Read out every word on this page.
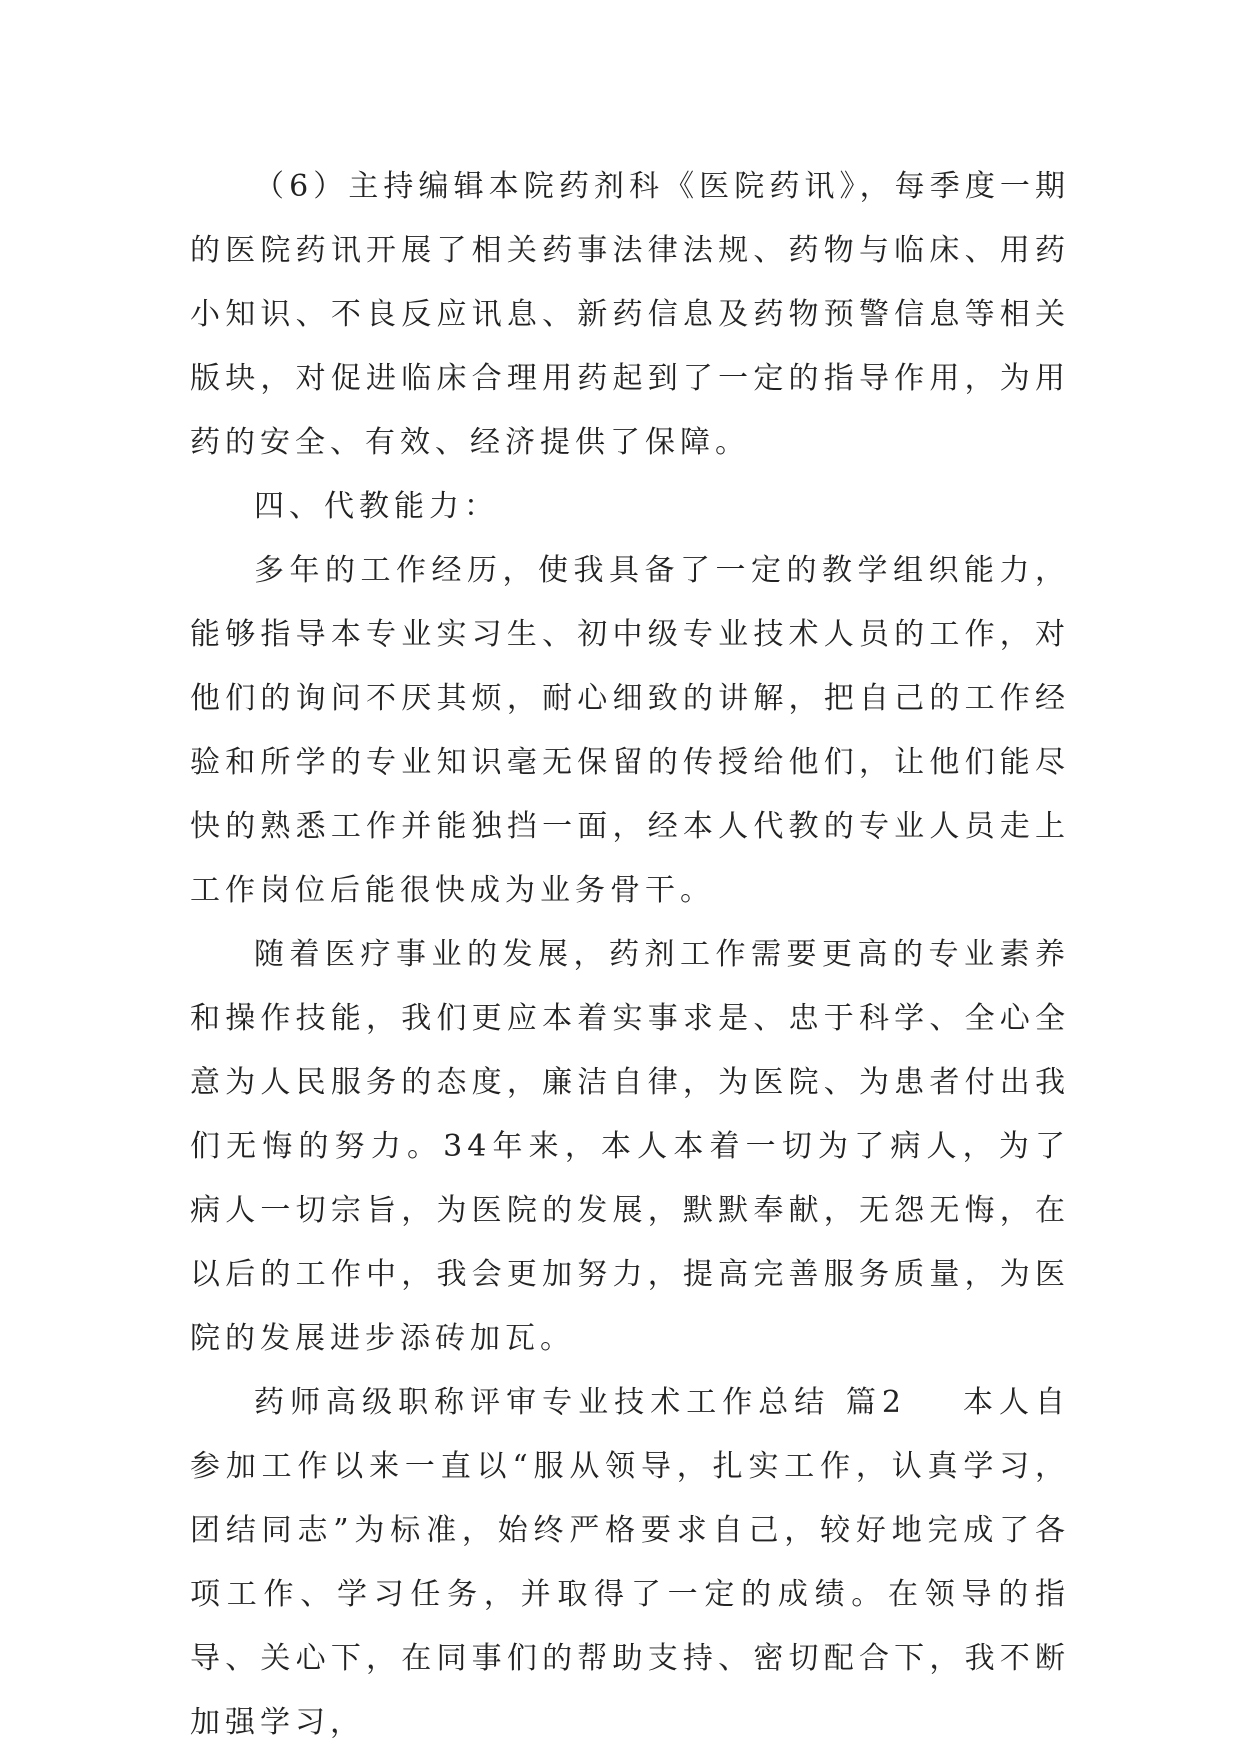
（6）主持编辑本院药剂科《医院药讯》，每季度一期的医院药讯开展了相关药事法律法规、药物与临床、用药小知识、不良反应讯息、新药信息及药物预警信息等相关版块，对促进临床合理用药起到了一定的指导作用，为用药的安全、有效、经济提供了保障。

四、代教能力：

多年的工作经历，使我具备了一定的教学组织能力，能够指导本专业实习生、初中级专业技术人员的工作，对他们的询问不厌其烦，耐心细致的讲解，把自己的工作经验和所学的专业知识毫无保留的传授给他们，让他们能尽快的熟悉工作并能独挡一面，经本人代教的专业人员走上工作岗位后能很快成为业务骨干。

随着医疗事业的发展，药剂工作需要更高的专业素养和操作技能，我们更应本着实事求是、忠于科学、全心全意为人民服务的态度，廉洁自律，为医院、为患者付出我们无悔的努力。34年来，本人本着一切为了病人，为了病人一切宗旨，为医院的发展，默默奉献，无怨无悔，在以后的工作中，我会更加努力，提高完善服务质量，为医院的发展进步添砖加瓦。

药师高级职称评审专业技术工作总结 篇2 本人自参加工作以来一直以“服从领导，扎实工作，认真学习，团结同志”为标准，始终严格要求自己，较好地完成了各项工作、学习任务，并取得了一定的成绩。在领导的指导、关心下，在同事们的帮助支持、密切配合下，我不断加强学习，
